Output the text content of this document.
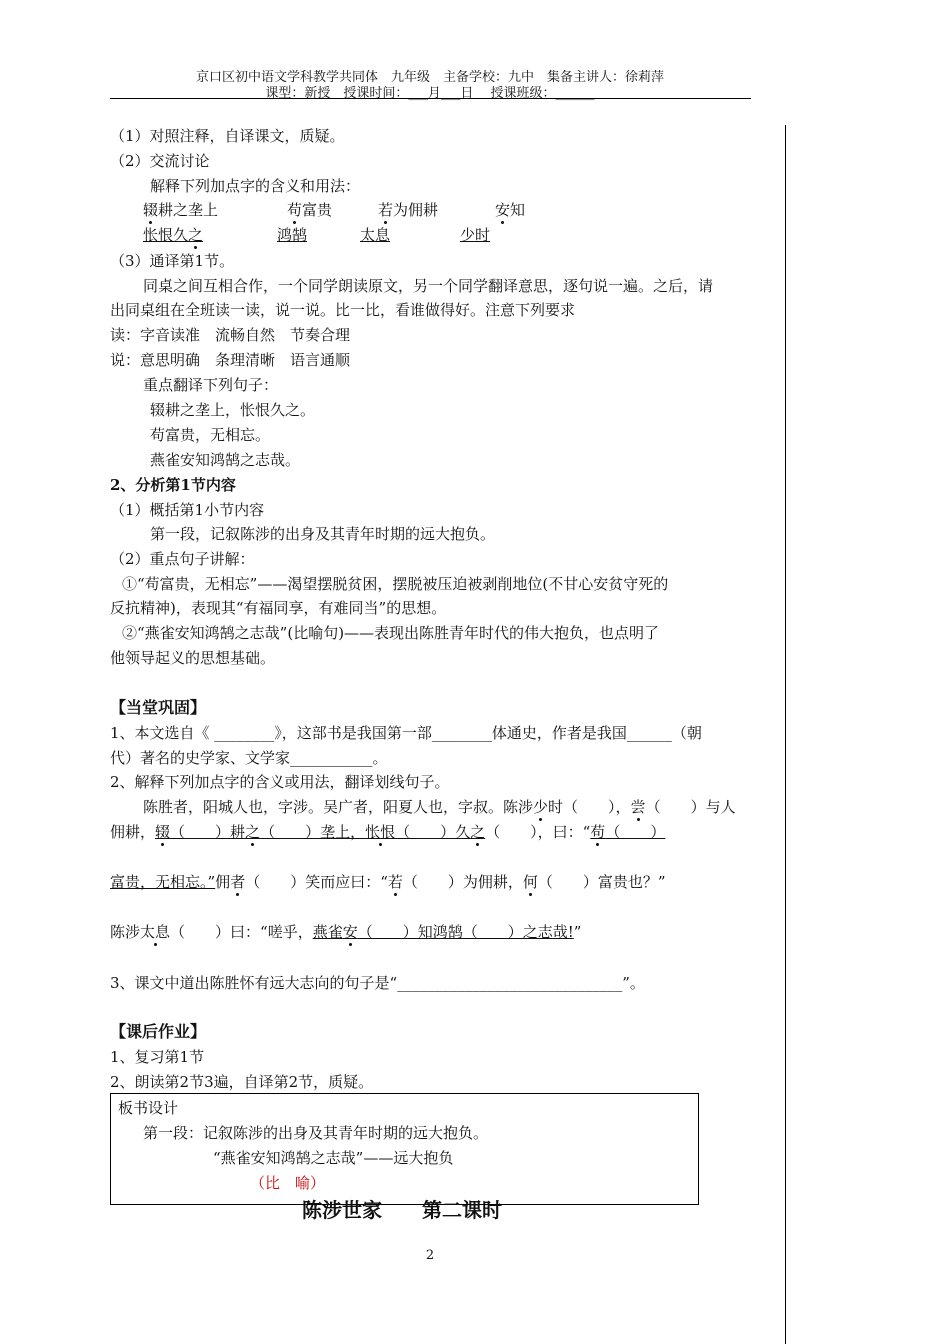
京口区初中语文学科教学共同体　九年级　主备学校：九中　集备主讲人：徐莉萍
课型：新授　授课时间：___月___日　 授课班级：______
（1）对照注释，自译课文，质疑。
（2）交流讨论
解释下列加点字的含义和用法：
辍耕之垄上	苟富贵	若为佣耕	安知
怅恨久之	鸿鹄	太息	少时
（3）通译第1节。
同桌之间互相合作，一个同学朗读原文，另一个同学翻译意思，逐句说一遍。之后，请
出同桌组在全班读一读，说一说。比一比，看谁做得好。注意下列要求
读：字音读准　流畅自然　节奏合理
说：意思明确　条理清晰　语言通顺
重点翻译下列句子：
辍耕之垄上，怅恨久之。
苟富贵，无相忘。
燕雀安知鸿鹄之志哉。
2、分析第1节内容
（1）概括第1小节内容
第一段，记叙陈涉的出身及其青年时期的远大抱负。
（2）重点句子讲解：
①“苟富贵，无相忘”——渴望摆脱贫困，摆脱被压迫被剥削地位(不甘心安贫守死的
反抗精神)，表现其“有福同享，有难同当”的思想。
②“燕雀安知鸿鹄之志哉”(比喻句)——表现出陈胜青年时代的伟大抱负，也点明了
他领导起义的思想基础。
【当堂巩固】
1、本文选自《 ________》，这部书是我国第一部________体通史，作者是我国______（朝
代）著名的史学家、文学家___________。
2、解释下列加点字的含义或用法，翻译划线句子。
陈胜者，阳城人也，字涉。吴广者，阳夏人也，字叔。陈涉少时（　　），尝（　　）与人
佣耕，辍（　　）耕之（　　）垄上，怅恨（　　）久之（　　），曰：“苟（　　）
富贵，无相忘。”佣者（　　）笑而应曰：“若（　　）为佣耕，何（　　）富贵也？”
陈涉太息（　　）曰：“嗟乎，燕雀安（　　）知鸿鹄（　　）之志哉!”
3、课文中道出陈胜怀有远大志向的句子是“______________________________”。
【课后作业】
1、复习第1节
2、朗读第2节3遍，自译第2节，质疑。
板书设计
第一段：记叙陈涉的出身及其青年时期的远大抱负。
“燕雀安知鸿鹄之志哉”——远大抱负
（比　喻）
陈涉世家　　第二课时
2
